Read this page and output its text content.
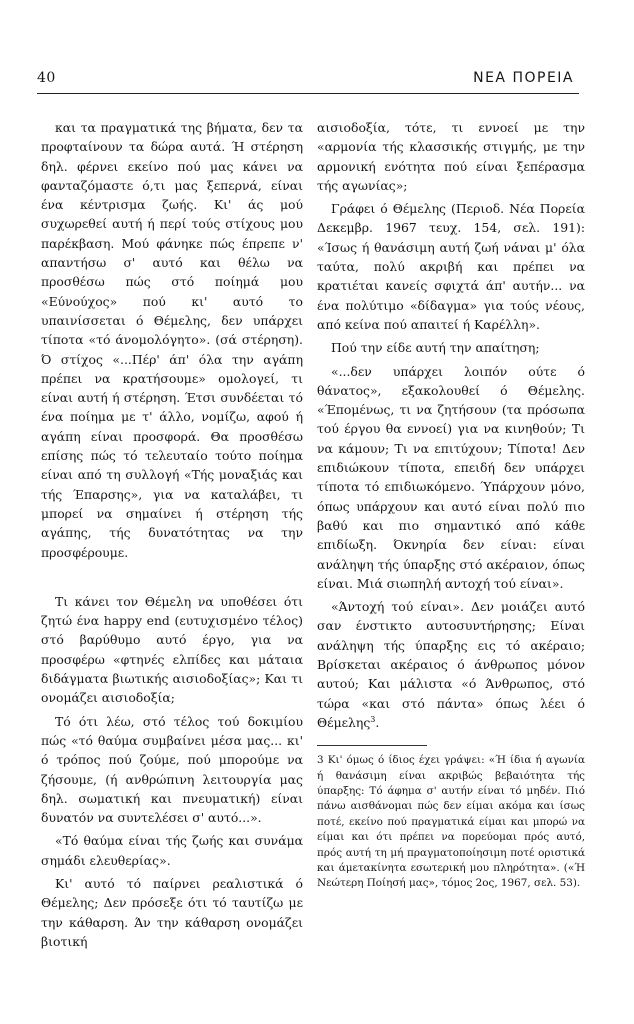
40	ΝΕΑ ΠΟΡΕΙΑ

και τα πραγματικά της βήματα, δεν τα προφταίνουν τα δώρα αυτά. Ή στέρηση δηλ. φέρνει εκείνο πού μας κάνει να φανταζόμαστε ό,τι μας ξεπερνά, είναι ένα κέντρισμα ζωής. Κι' άς μού συχωρεθεί αυτή ή περί τούς στίχους μου παρέκβαση. Μού φάνηκε πώς έπρεπε ν' απαντήσω σ' αυτό και θέλω να προσθέσω πώς στό ποίημά μου «Εύνούχος» πού κι' αυτό το υπαινίσσεται ό Θέμελης, δεν υπάρχει τίποτα «τό άνομολόγητο». (σά στέρηση). Ό στίχος «...Πέρ' άπ' όλα την αγάπη πρέπει να κρατήσουμε» ομολογεί, τι είναι αυτή ή στέρηση. Έτσι συνδέεται τό ένα ποίημα με τ' άλλο, νομίζω, αφού ή αγάπη είναι προσφορά. Θα προσθέσω επίσης πώς τό τελευταίο τούτο ποίημα είναι από τη συλλογή «Τής μοναξιάς και τής Έπαρσης», για να καταλάβει, τι μπορεί να σημαίνει ή στέρηση τής αγάπης, τής δυνατότητας να την προσφέρουμε.

Τι κάνει τον Θέμελη να υποθέσει ότι ζητώ ένα happy end (ευτυχισμένο τέλος) στό βαρύθυμο αυτό έργο, για να προσφέρω «φτηνές ελπίδες και μάταια διδάγματα βιωτικής αισιοδοξίας»; Και τι ονομάζει αισιοδοξία;

Τό ότι λέω, στό τέλος τού δοκιμίου πώς «τό θαύμα συμβαίνει μέσα μας... κι' ό τρόπος πού ζούμε, πού μπορούμε να ζήσουμε, (ή ανθρώπινη λειτουργία μας δηλ. σωματική και πνευματική) είναι δυνατόν να συντελέσει σ' αυτό...».

«Τό θαύμα είναι τής ζωής και συνάμα σημάδι ελευθερίας».

Κι' αυτό τό παίρνει ρεαλιστικά ό Θέμελης; Δεν πρόσεξε ότι τό ταυτίζω με την κάθαρση. Άν την κάθαρση ονομάζει βιοτική

αισιοδοξία, τότε, τι εννοεί με την «αρμονία τής κλασσικής στιγμής, με την αρμονική ενότητα πού είναι ξεπέρασμα τής αγωνίας»;

Γράφει ό Θέμελης (Περιοδ. Νέα Πορεία Δεκεμβρ. 1967 τευχ. 154, σελ. 191): «Ίσως ή θανάσιμη αυτή ζωή νάναι μ' όλα ταύτα, πολύ ακριβή και πρέπει να κρατιέται κανείς σφιχτά άπ' αυτήν... να ένα πολύτιμο «δίδαγμα» για τούς νέους, από κείνα πού απαιτεί ή Καρέλλη».

Πού την είδε αυτή την απαίτηση;

«...δεν υπάρχει λοιπόν ούτε ό θάνατος», εξακολουθεί ό Θέμελης. «Έπομένως, τι να ζητήσουν (τα πρόσωπα τού έργου θα εννοεί) για να κινηθούν; Τι να κάμουν; Τι να επιτύχουν; Τίποτα! Δεν επιδιώκουν τίποτα, επειδή δεν υπάρχει τίποτα τό επιδιωκόμενο. Ύπάρχουν μόνο, όπως υπάρχουν και αυτό είναι πολύ πιο βαθύ και πιο σημαντικό από κάθε επιδίωξη. Όκνηρία δεν είναι: είναι ανάληψη τής ύπαρξης στό ακέραιον, όπως είναι. Μιά σιωπηλή αντοχή τού είναι».

«Άντοχή τού είναι». Δεν μοιάζει αυτό σαν ένστικτο αυτοσυντήρησης; Είναι ανάληψη τής ύπαρξης εις τό ακέραιο; Βρίσκεται ακέραιος ό άνθρωπος μόνον αυτού; Και μάλιστα «ό Άνθρωπος, στό τώρα «και στό πάντα» όπως λέει ό Θέμελης$^3$.

3 Κι' όμως ό ίδιος έχει γράψει: «Ή ίδια ή αγωνία ή θανάσιμη είναι ακριβώς βεβαιότητα τής ύπαρξης: Τό άφημα σ' αυτήν είναι τό μηδέν. Πιό πάνω αισθάνομαι πώς δεν είμαι ακόμα και ίσως ποτέ, εκείνο πού πραγματικά είμαι και μπορώ να είμαι και ότι πρέπει να πορεύομαι πρός αυτό, πρός αυτή τη μή πραγματοποίησιμη ποτέ οριστικά και άμετακίνητα εσωτερική μου πληρότητα». («Ή Νεώτερη Ποίησή μας», τόμος 2ος, 1967, σελ. 53).
